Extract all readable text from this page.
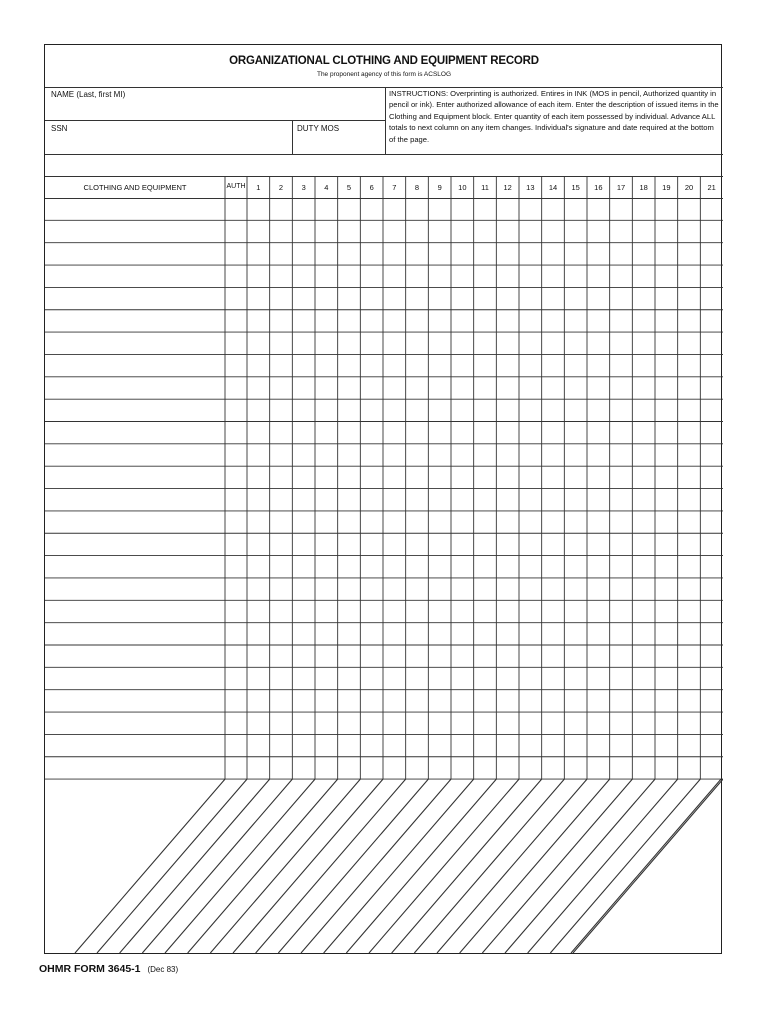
ORGANIZATIONAL CLOTHING AND EQUIPMENT RECORD
The proponent agency of this form is ACSLOG
NAME (Last, first MI)
SSN	DUTY MOS
INSTRUCTIONS: Overprinting is authorized. Entires in INK (MOS in pencil, Authorized quantity in pencil or ink). Enter authorized allowance of each item. Enter the description of issued items in the Clothing and Equipment block. Enter quantity of each item possessed by individual. Advance ALL totals to next column on any item changes. Individual's signature and date required at the bottom of the page.
CLOTHING AND EQUIPMENT	AUTH	1	2	3	4	5	6	7	8	9	10	11	12	13	14	15	16	17	18	19	20	21
OHMR FORM 3645-1 (Dec 83)
